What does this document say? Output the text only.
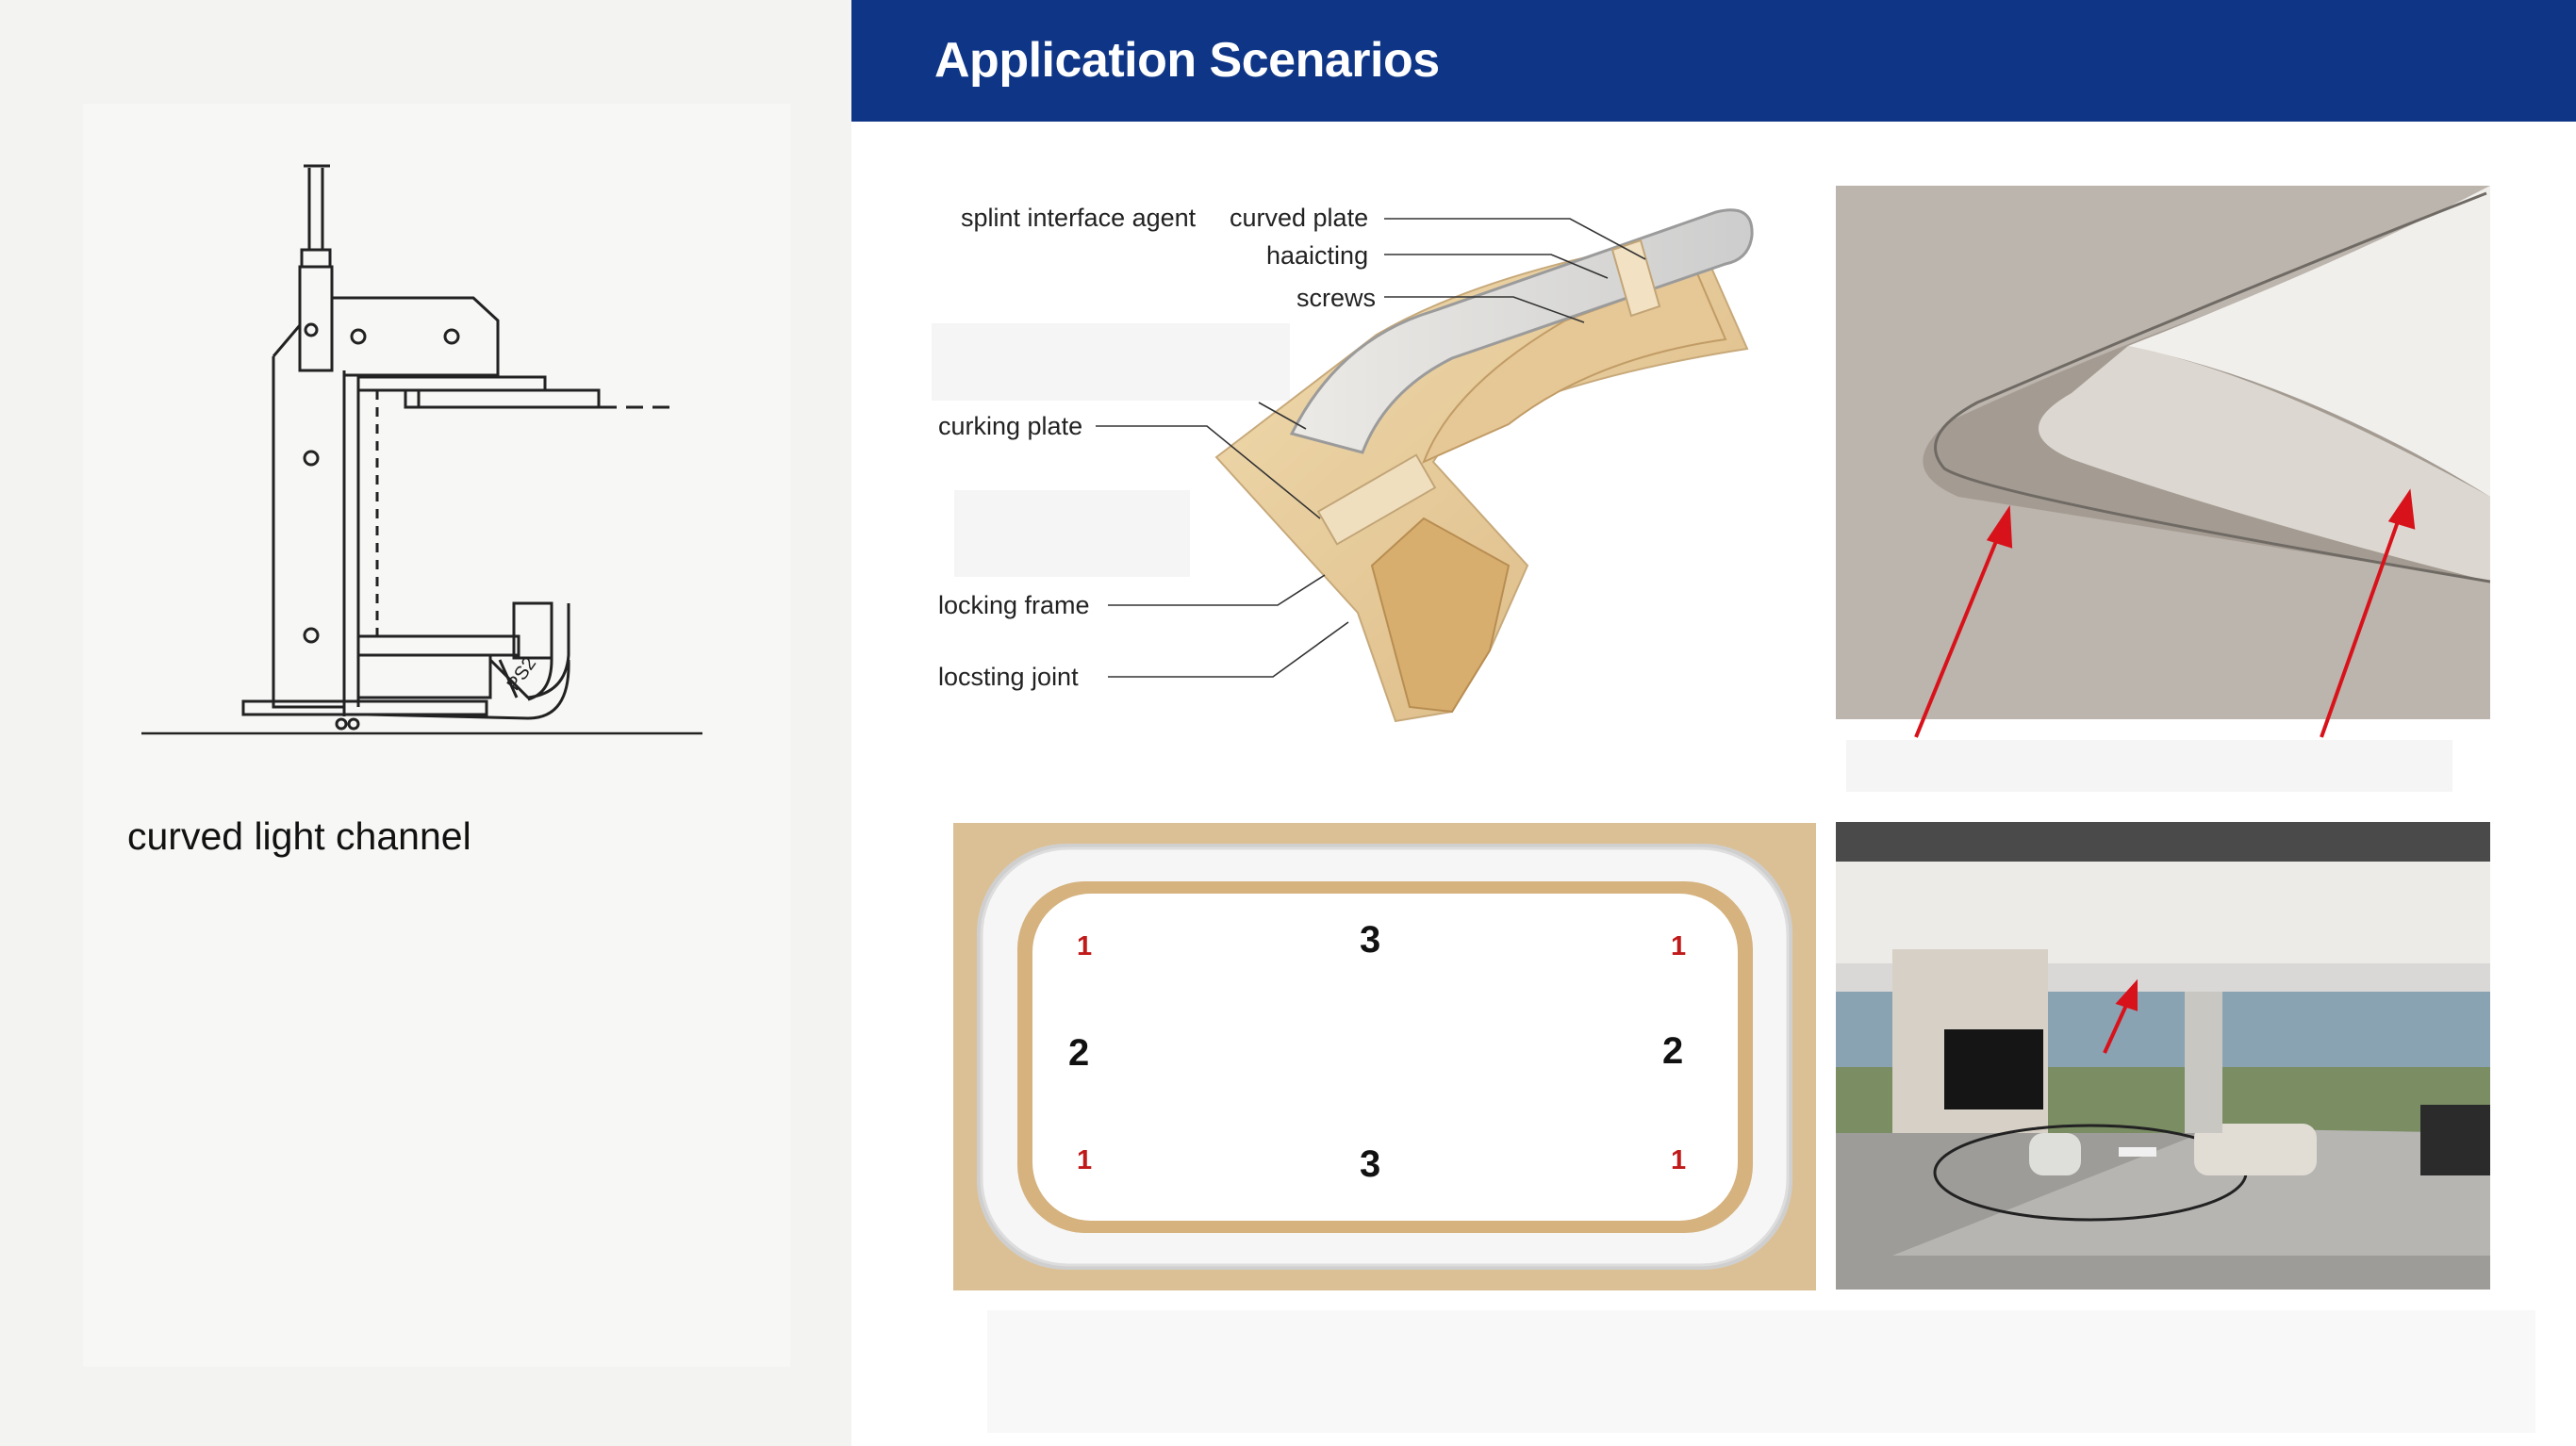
PS2
curved light channel
Application Scenarios
splint interface agent curved plate
haaicting
screws
curking plate
locking frame
locsting joint
1	1
1	1
2	2
3
3
